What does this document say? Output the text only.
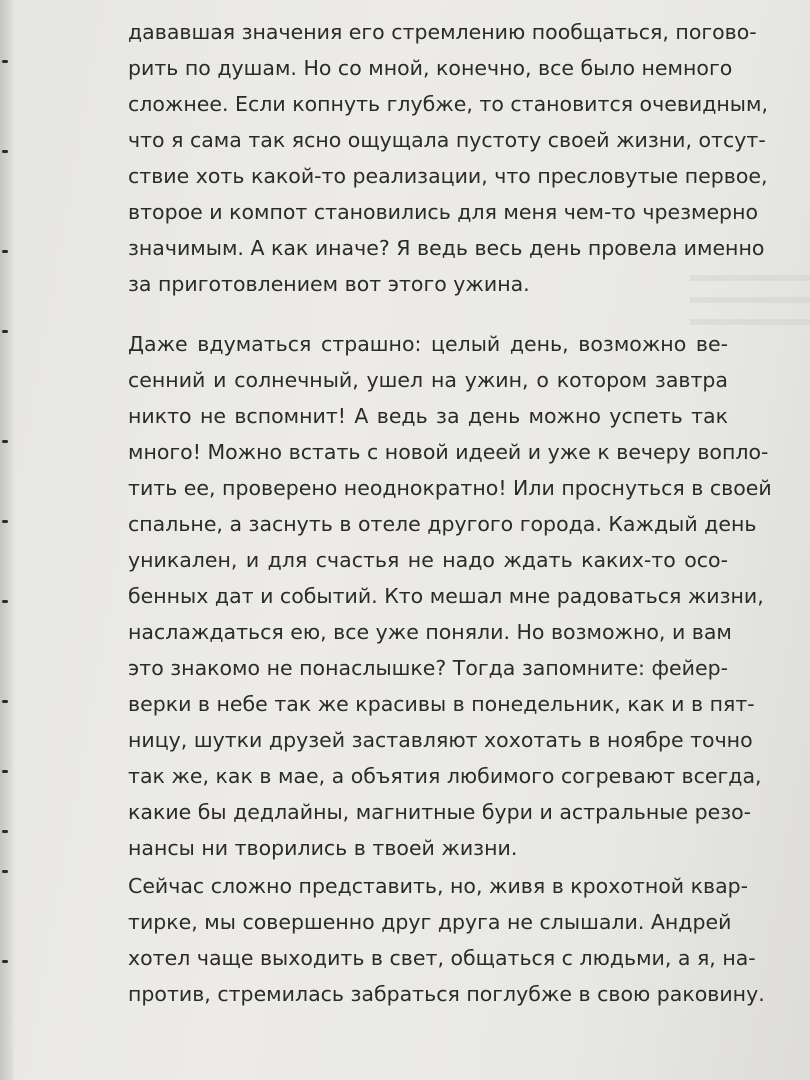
дававшая значения его стремлению пообщаться, погово-

рить по душам. Но со мной, конечно, все было немного

сложнее. Если копнуть глубже, то становится очевидным,

что я сама так ясно ощущала пустоту своей жизни, отсут-

ствие хоть какой-то реализации, что пресловутые первое,

второе и компот становились для меня чем-то чрезмерно

значимым. А как иначе? Я ведь весь день провела именно

за приготовлением вот этого ужина.

Даже вдуматься страшно: целый день, возможно ве-

сенний и солнечный, ушел на ужин, о котором завтра

никто не вспомнит! А ведь за день можно успеть так

много! Можно встать с новой идеей и уже к вечеру вопло-

тить ее, проверено неоднократно! Или проснуться в своей

спальне, а заснуть в отеле другого города. Каждый день

уникален, и для счастья не надо ждать каких-то осо-

бенных дат и событий. Кто мешал мне радоваться жизни,

наслаждаться ею, все уже поняли. Но возможно, и вам

это знакомо не понаслышке? Тогда запомните: фейер-

верки в небе так же красивы в понедельник, как и в пят-

ницу, шутки друзей заставляют хохотать в ноябре точно

так же, как в мае, а объятия любимого согревают всегда,

какие бы дедлайны, магнитные бури и астральные резо-

нансы ни творились в твоей жизни.

Сейчас сложно представить, но, живя в крохотной квар-

тирке, мы совершенно друг друга не слышали. Андрей

хотел чаще выходить в свет, общаться с людьми, а я, на-

против, стремилась забраться поглубже в свою раковину.
